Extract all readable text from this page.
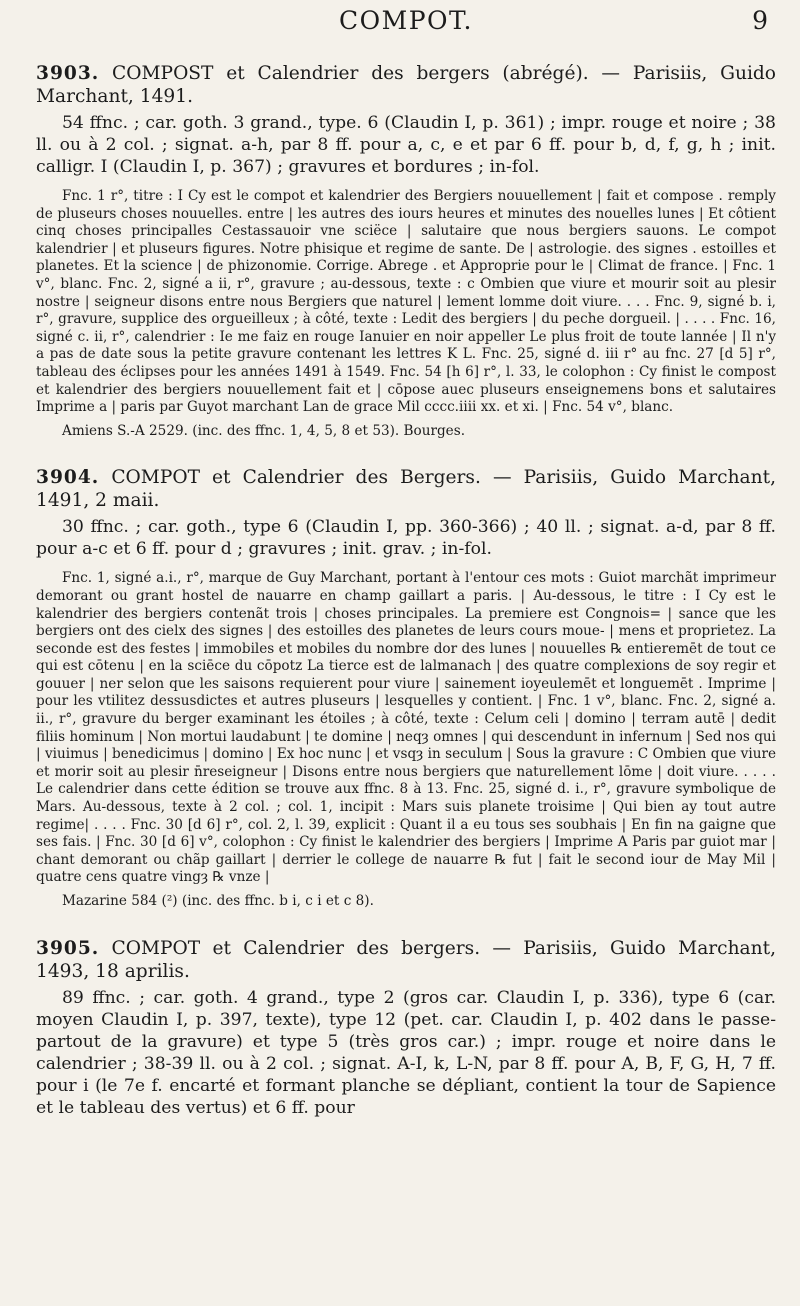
COMPOT.	9

3903. COMPOST et Calendrier des bergers (abrégé). — Parisiis, Guido Marchant, 1491.

54 ffnc. ; car. goth. 3 grand., type. 6 (Claudin I, p. 361) ; impr. rouge et noire ; 38 ll. ou à 2 col. ; signat. a-h, par 8 ff. pour a, c, e et par 6 ff. pour b, d, f, g, h ; init. calligr. I (Claudin I, p. 367) ; gravures et bordures ; in-fol.

Fnc. 1 r°, titre : I Cy est le compot et kalendrier des Bergiers nouuellement | fait et compose . remply de pluseurs choses nouuelles. entre | les autres des iours heures et minutes des nouelles lunes | Et côtient cinq choses principalles Cestassauoir vne sciëce | salutaire que nous bergiers sauons. Le compot kalendrier | et pluseurs figures. Notre phisique et regime de sante. De | astrologie. des signes . estoilles et planetes. Et la science | de phizonomie. Corrige. Abrege . et Approprie pour le | Climat de france. | Fnc. 1 v°, blanc. Fnc. 2, signé a ii, r°, gravure ; au-dessous, texte : c Ombien que viure et mourir soit au plesir nostre | seigneur disons entre nous Bergiers que naturel | lement lomme doit viure. . . . Fnc. 9, signé b. i, r°, gravure, supplice des orgueilleux ; à côté, texte : Ledit des bergiers | du peche dorgueil. | . . . . Fnc. 16, signé c. ii, r°, calendrier : Ie me faiz en rouge Ianuier en noir appeller Le plus froit de toute lannée | Il n'y a pas de date sous la petite gravure contenant les lettres K L. Fnc. 25, signé d. iii r° au fnc. 27 [d 5] r°, tableau des éclipses pour les années 1491 à 1549. Fnc. 54 [h 6] r°, l. 33, le colophon : Cy finist le compost et kalendrier des bergiers nouuellement fait et | cōpose auec pluseurs enseignemens bons et salutaires Imprime a | paris par Guyot marchant Lan de grace Mil cccc.iiii xx. et xi. | Fnc. 54 v°, blanc.

Amiens S.-A 2529. (inc. des ffnc. 1, 4, 5, 8 et 53). Bourges.

3904. COMPOT et Calendrier des Bergers. — Parisiis, Guido Marchant, 1491, 2 maii.

30 ffnc. ; car. goth., type 6 (Claudin I, pp. 360-366) ; 40 ll. ; signat. a-d, par 8 ff. pour a-c et 6 ff. pour d ; gravures ; init. grav. ; in-fol.

Fnc. 1, signé a.i., r°, marque de Guy Marchant, portant à l'entour ces mots : Guiot marchãt imprimeur demorant ou grant hostel de nauarre en champ gaillart a paris. | Au-dessous, le titre : I Cy est le kalendrier des bergiers contenãt trois | choses principales. La premiere est Congnois= | sance que les bergiers ont des cielx des signes | des estoilles des planetes de leurs cours moue- | mens et proprietez. La seconde est des festes | immobiles et mobiles du nombre dor des lunes | nouuelles ℞ entieremēt de tout ce qui est cōtenu | en la sciēce du cōpotz La tierce est de lalmanach | des quatre complexions de soy regir et gouuer | ner selon que les saisons requierent pour viure | sainement ioyeulemēt et longuemēt . Imprime | pour les vtilitez dessusdictes et autres pluseurs | lesquelles y contient. | Fnc. 1 v°, blanc. Fnc. 2, signé a. ii., r°, gravure du berger examinant les étoiles ; à côté, texte : Celum celi | domino | terram autē | dedit filiis hominum | Non mortui laudabunt | te domine | neqȝ omnes | qui descendunt in infernum | Sed nos qui | viuimus | benedicimus | domino | Ex hoc nunc | et vsqȝ in seculum | Sous la gravure : C Ombien que viure et morir soit au plesir n̄reseigneur | Disons entre nous bergiers que naturellement lōme | doit viure. . . . . Le calendrier dans cette édition se trouve aux ffnc. 8 à 13. Fnc. 25, signé d. i., r°, gravure symbolique de Mars. Au-dessous, texte à 2 col. ; col. 1, incipit : Mars suis planete troisime | Qui bien ay tout autre regime| . . . . Fnc. 30 [d 6] r°, col. 2, l. 39, explicit : Quant il a eu tous ses soubhais | En fin na gaigne que ses fais. | Fnc. 30 [d 6] v°, colophon : Cy finist le kalendrier des bergiers | Imprime A Paris par guiot mar | chant demorant ou chãp gaillart | derrier le college de nauarre ℞ fut | fait le second iour de May Mil | quatre cens quatre vingȝ ℞ vnze |

Mazarine 584 (²) (inc. des ffnc. b i, c i et c 8).

3905. COMPOT et Calendrier des bergers. — Parisiis, Guido Marchant, 1493, 18 aprilis.

89 ffnc. ; car. goth. 4 grand., type 2 (gros car. Claudin I, p. 336), type 6 (car. moyen Claudin I, p. 397, texte), type 12 (pet. car. Claudin I, p. 402 dans le passe-partout de la gravure) et type 5 (très gros car.) ; impr. rouge et noire dans le calendrier ; 38-39 ll. ou à 2 col. ; signat. A-I, k, L-N, par 8 ff. pour A, B, F, G, H, 7 ff. pour i (le 7e f. encarté et formant planche se dépliant, contient la tour de Sapience et le tableau des vertus) et 6 ff. pour
